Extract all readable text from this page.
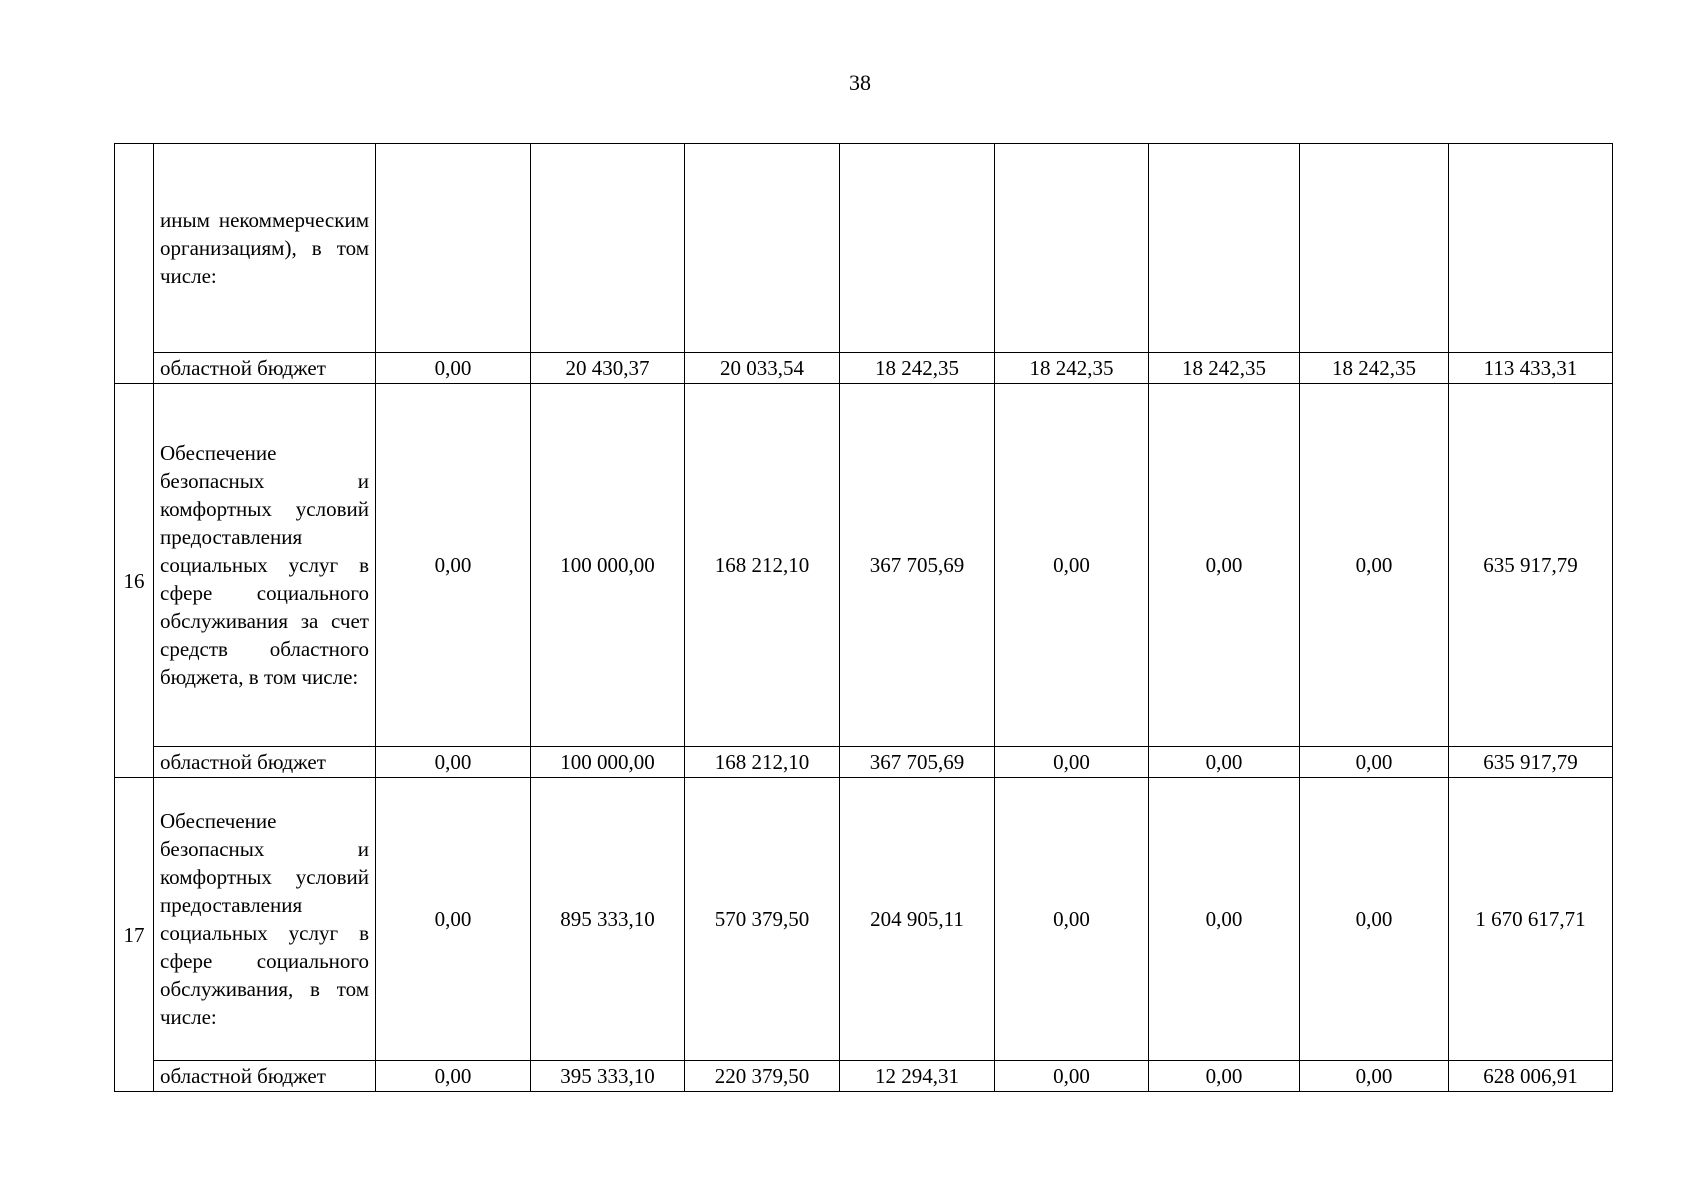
38
	иным некоммерческим организациям), в том числе:								
	областной бюджет	0,00	20 430,37	20 033,54	18 242,35	18 242,35	18 242,35	18 242,35	113 433,31
16	Обеспечение безопасных и комфортных условий предоставления социальных услуг в сфере социального обслуживания за счет средств областного бюджета, в том числе:	0,00	100 000,00	168 212,10	367 705,69	0,00	0,00	0,00	635 917,79
	областной бюджет	0,00	100 000,00	168 212,10	367 705,69	0,00	0,00	0,00	635 917,79
17	Обеспечение безопасных и комфортных условий предоставления социальных услуг в сфере социального обслуживания, в том числе:	0,00	895 333,10	570 379,50	204 905,11	0,00	0,00	0,00	1 670 617,71
	областной бюджет	0,00	395 333,10	220 379,50	12 294,31	0,00	0,00	0,00	628 006,91
